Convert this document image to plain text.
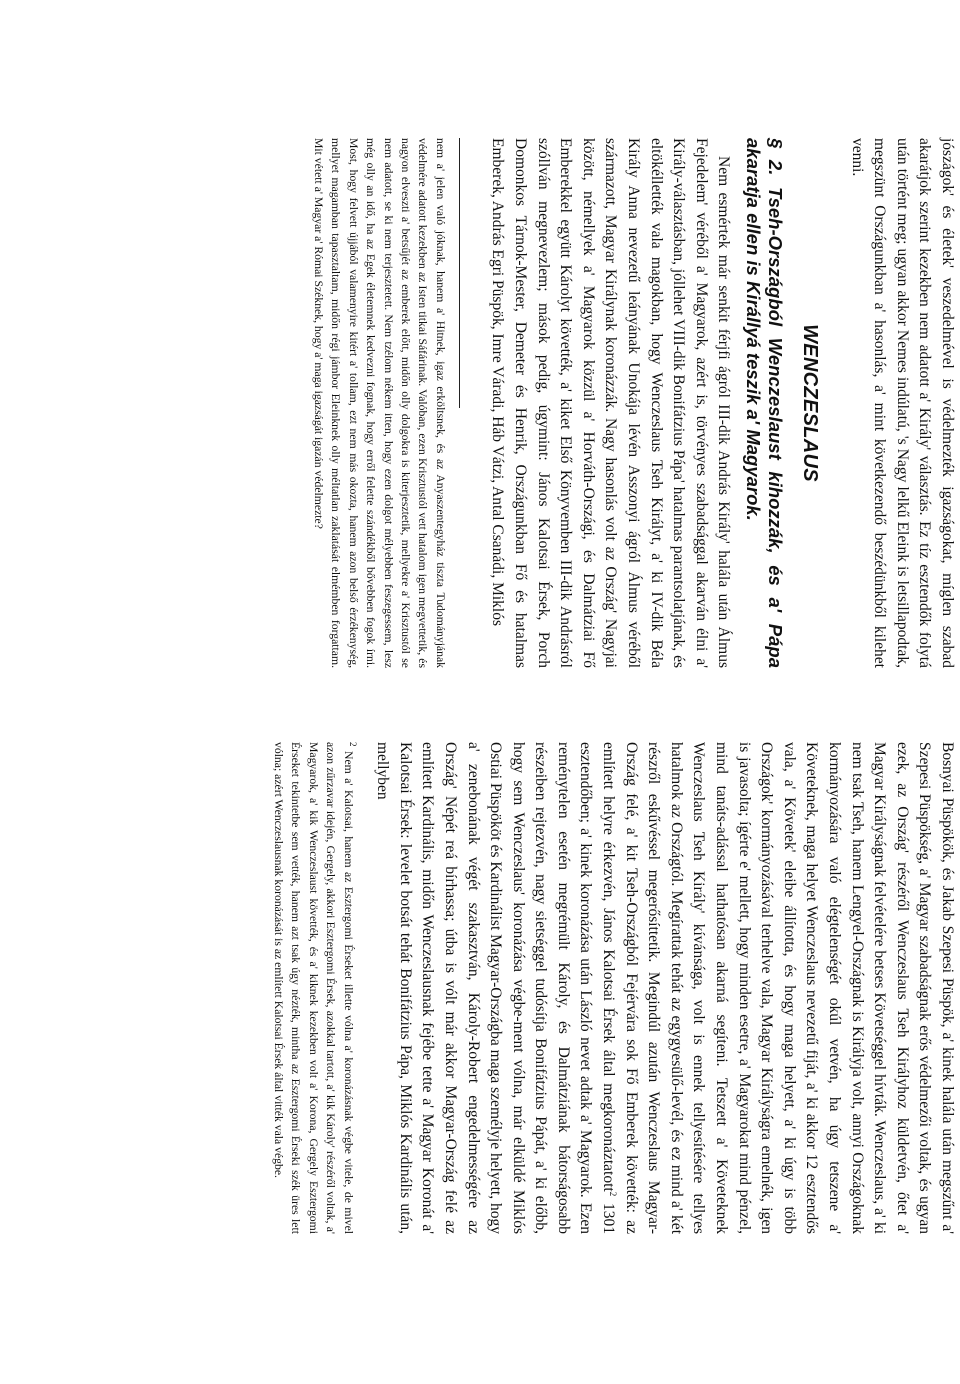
jószágok' és életek' veszedelmével is védelmezték igazságokat, míglen szabad akarátjok szerint kezekben nem adatott a' Király' választás. Ez tíz esztendők folytá után történt meg; ugyan akkor Nemes indúlatú, 's Nagy lelkű Eleink is letsillapodtak, megszünt Országunkban a' hasonlás, a' mint következendő beszédünkből kilehet venni.

WENCZESLAUS
§ 2. Tseh-Országból Wenczeslaust kihozzák, és a' Pápa akaratja ellen is Királlyá teszik a' Magyarok.

Nem esmértek már senkit férjfi ágról III-dik András Király' halála után Álmus Fejedelem' véréből a' Magyarok, azért is, törvényes szabadsággal akarván élni a' Király-választásban, jóllehet VIII-dik Bonifátzius Pápa' hatalmas parantsolatjának, és eltökéllették vala magokban, hogy Wenczeslaus Tseh Királyt, a' ki IV-dik Béla Király Anna nevezetű leányának Unokája lévén Asszonyi ágról Álmus véréből származott, Magyar Királynak koronázzák. Nagy hasonlás volt az Ország' Nagyjai között, némellyek a' Magyarok közzül a' Horváth-Országi, és Dalmátziai Fő Emberekkel együtt Károlyt követték, a' kiket Első Könyvemben III-dik Andrásról szóllván megnevezlem; mások pedig, úgymint: János Kalotsai Érsek, Porch Domonkos Tárnok-Mester, Demeter és Henrik, Országunkban Fő és hatalmas Emberek, András Egri Püspök, Imre Váradi, Háb Vátzi, Antal Csanádi, Miklós

nem a' jelen való jóknak, hanem a' Hitnek, igaz erköltsnek, és az Anyaszentegyház tiszta Tudományjának védelmére adatott kezekben az Isten titkai Sáfárinak. Valóban, ezen Krisztustól vett hatalom igen megvettetik, és nagyon elveszti a' betsűjét az emberek előtt, midőn olly dolgokra is kiterjesztetik, mellyekre a' Krisztustól se nem adatott, se ki nem terjesztetett. Nem tzélom nékem itten, hogy ezen dolgot mélyebben feszegessem, lesz még olly an idő, ha az Egek életemnek kedvezni fognak, hogy erről felette szándékből bővebben fogok írni. Most, hogy felvett újjából valamenyire kitért a' tollam, ezt nem más okozta, hanem azon belső érzékenység, mellyet magamban tapasztaltam, midőn régi jámbor Eleinknek olly méltatlan zaklatását elmémben forgattam. Mit vétett a' Magyar a' Római Széknek, hogy a' maga igazságát igazán védelmezte?

Bosnyai Püspökök, és Jakab Szepesi Püspök, a' kinek halála után megszűnt a' Szepesi Püspökség, a' Magyar szabadságnak erős védelmezői voltak, és ugyan ezek, az Ország' részéről Wenczeslaus Tseh Királyhoz küldetvén, őtet a' Magyar Királyságnak felvételére betses Követséggel hívták. Wenczeslaus, a' ki nem tsak Tseh, hanem Lengyel-Országnak is Királyja volt, annyi Országoknak kormányozására való elégtelenségét okúl vetvén, ha úgy tetszene a' Követeknek, maga helyet Wenczeslaus nevezetű fiját, a' ki akkor 12 esztendős vala, a' Követek' eleibe állította, és hogy maga helyett, a' ki úgy is több Országok' kormányozásával terhelve vala, Magyar Királyságra emelnék, igen is javasolta; ígérte e' mellett, hogy minden esetre, a' Magyarokat mind pénzel, mind tanáts-adással hathatósan akarná segíteni. Tetszett a' Követeknek Wenczeslaus Tseh Király' kívánsága, volt is ennek tellyesítésére tellyes hatalmok az Országtól. Megírattak tehát az egygyesülő-levél, és ez mind a' két részről eskűvéssel megerősíttetik. Megindúl azután Wenczeslaus Magyar-Ország felé, a' kit Tseh-Országból Fejérvára sok Fő Emberek követték: az említett helyre érkezvén, János Kalotsai Érsek által megkoronáztatott$^2$ 1301 esztendőben; a' kinek koronázása után László nevet adtak a' Magyarok. Ezen reménytelen esetén megrémült Károly, és Dalmátziának bátorságosabb részeiben rejtezvén, nagy sietséggel tudósítja Bonifátzius Pápát, a' ki előbb, hogy sem Wenczeslaus' koronázása végbe-ment vólna, már elküldé Miklós Ostiai Püspököt és Kardinálist Magyar-Országba maga személyje helyett, hogy a' zenebonának végét szakasztván, Károly-Robert engedelmességére az Ország' Népét reá bírhassa; útba is vólt már akkor Magyar-Ország felé az említett Kardinális, midőn Wenczeslausnak fejébe tette a' Magyar Koronát a' Kalotsai Érsek: levelet botsát tehát Bonifátzius Pápa, Miklós Kardinális után, mellyben

$^2$ Nem a' Kalotsai, hanem az Esztergomi Érseket illette vólna a' koronázásnak végbe vitele, de mivel azon zűrzavar idején, Gergely, akkori Esztergomi Érsek, azokkal tartott, a' kik Károly' részéről voltak, a' Magyarok, a' kik Wenczeslaust követték, és a' kiknek kezekben volt a' Korona, Gergely Esztergomi Érseket tekintetbe sem vették, hanem azt tsak úgy nézték, mintha az Esztergomi Érseki szék üres lett vólna; azért Wenczeslausnak koronázását is az említett Kalotsai Érsek által vitték vala végbe.
